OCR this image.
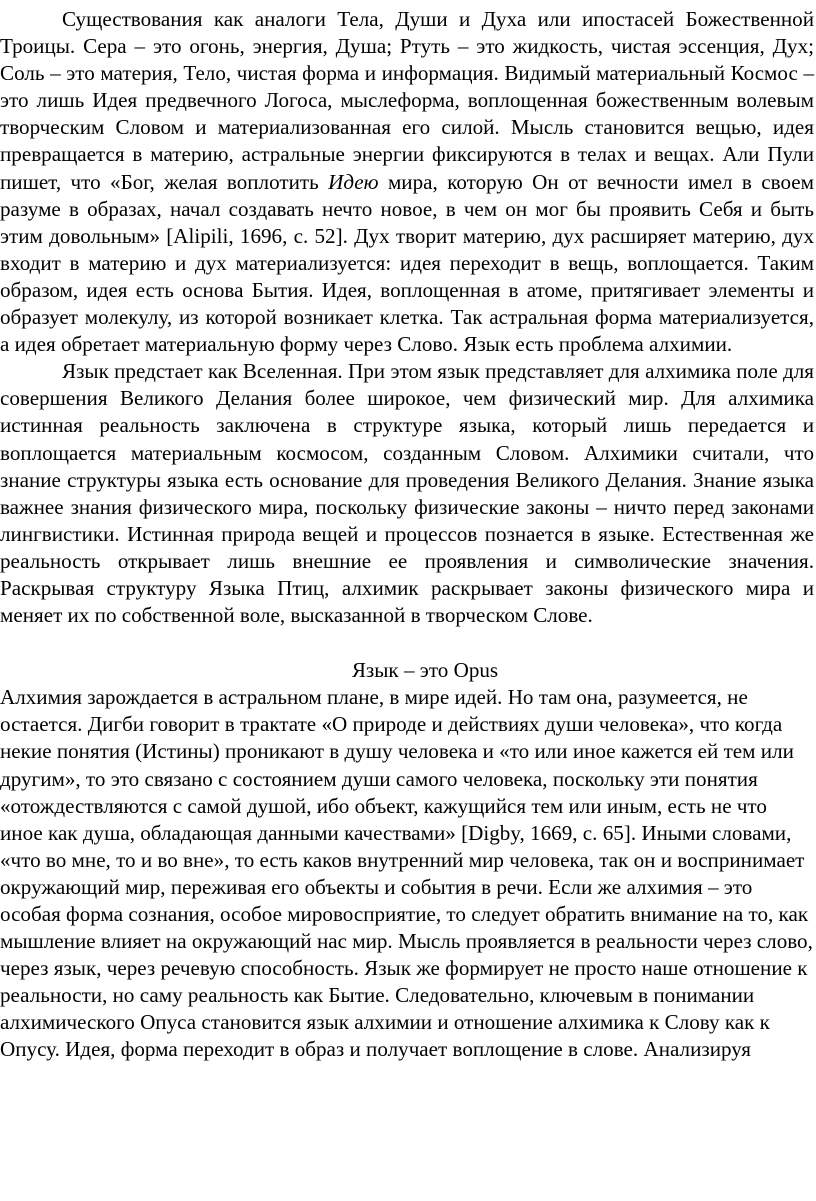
Существования как аналоги Тела, Души и Духа или ипостасей Божественной Троицы. Сера – это огонь, энергия, Душа; Ртуть – это жидкость, чистая эссенция, Дух; Соль – это материя, Тело, чистая форма и информация. Видимый материальный Космос – это лишь Идея предвечного Логоса, мыслеформа, воплощенная божественным волевым творческим Словом и материализованная его силой. Мысль становится вещью, идея превращается в материю, астральные энергии фиксируются в телах и вещах. Али Пули пишет, что «Бог, желая воплотить Идею мира, которую Он от вечности имел в своем разуме в образах, начал создавать нечто новое, в чем он мог бы проявить Себя и быть этим довольным» [Alipili, 1696, с. 52]. Дух творит материю, дух расширяет материю, дух входит в материю и дух материализуется: идея переходит в вещь, воплощается. Таким образом, идея есть основа Бытия. Идея, воплощенная в атоме, притягивает элементы и образует молекулу, из которой возникает клетка. Так астральная форма материализуется, а идея обретает материальную форму через Слово. Язык есть проблема алхимии.

Язык предстает как Вселенная. При этом язык представляет для алхимика поле для совершения Великого Делания более широкое, чем физический мир. Для алхимика истинная реальность заключена в структуре языка, который лишь передается и воплощается материальным космосом, созданным Словом. Алхимики считали, что знание структуры языка есть основание для проведения Великого Делания. Знание языка важнее знания физического мира, поскольку физические законы – ничто перед законами лингвистики. Истинная природа вещей и процессов познается в языке. Естественная же реальность открывает лишь внешние ее проявления и символические значения. Раскрывая структуру Языка Птиц, алхимик раскрывает законы физического мира и меняет их по собственной воле, высказанной в творческом Слове.

Язык – это Opus

Алхимия зарождается в астральном плане, в мире идей. Но там она, разумеется, не остается. Дигби говорит в трактате «О природе и действиях души человека», что когда некие понятия (Истины) проникают в душу человека и «то или иное кажется ей тем или другим», то это связано с состоянием души самого человека, поскольку эти понятия «отождествляются с самой душой, ибо объект, кажущийся тем или иным, есть не что иное как душа, обладающая данными качествами» [Digby, 1669, с. 65]. Иными словами, «что во мне, то и во вне», то есть каков внутренний мир человека, так он и воспринимает окружающий мир, переживая его объекты и события в речи. Если же алхимия – это особая форма сознания, особое мировосприятие, то следует обратить внимание на то, как мышление влияет на окружающий нас мир. Мысль проявляется в реальности через слово, через язык, через речевую способность. Язык же формирует не просто наше отношение к реальности, но саму реальность как Бытие. Следовательно, ключевым в понимании алхимического Опуса становится язык алхимии и отношение алхимика к Слову как к Опусу. Идея, форма переходит в образ и получает воплощение в слове. Анализируя
